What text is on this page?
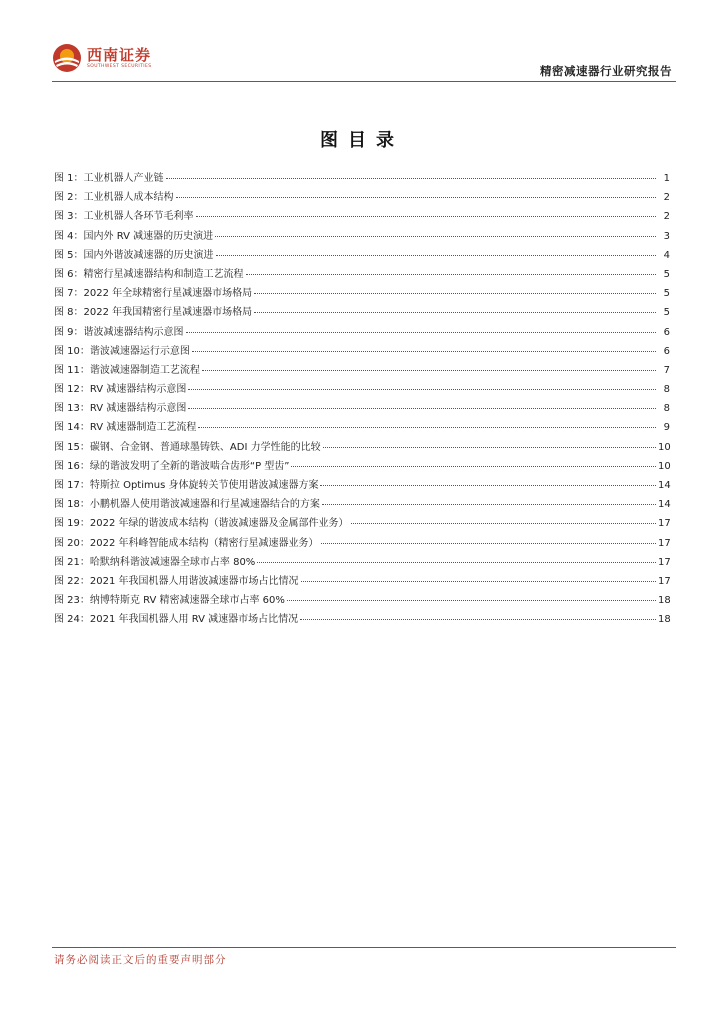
西南证券
SOUTHWEST SECURITIES	精密减速器行业研究报告
图目录
图 1：工业机器人产业链	1
图 2：工业机器人成本结构	2
图 3：工业机器人各环节毛利率	2
图 4：国内外 RV 减速器的历史演进	3
图 5：国内外谐波减速器的历史演进	4
图 6：精密行星减速器结构和制造工艺流程	5
图 7：2022 年全球精密行星减速器市场格局	5
图 8：2022 年我国精密行星减速器市场格局	5
图 9：谐波减速器结构示意图	6
图 10：谐波减速器运行示意图	6
图 11：谐波减速器制造工艺流程	7
图 12：RV 减速器结构示意图	8
图 13：RV 减速器结构示意图	8
图 14：RV 减速器制造工艺流程	9
图 15：碳钢、合金钢、普通球墨铸铁、ADI 力学性能的比较	10
图 16：绿的谐波发明了全新的谐波啮合齿形“P 型齿”	10
图 17：特斯拉 Optimus 身体旋转关节使用谐波减速器方案	14
图 18：小鹏机器人使用谐波减速器和行星减速器结合的方案	14
图 19：2022 年绿的谐波成本结构（谐波减速器及金属部件业务）	17
图 20：2022 年科峰智能成本结构（精密行星减速器业务）	17
图 21：哈默纳科谐波减速器全球市占率 80%	17
图 22：2021 年我国机器人用谐波减速器市场占比情况	17
图 23：纳博特斯克 RV 精密减速器全球市占率 60%	18
图 24：2021 年我国机器人用 RV 减速器市场占比情况	18
请务必阅读正文后的重要声明部分
